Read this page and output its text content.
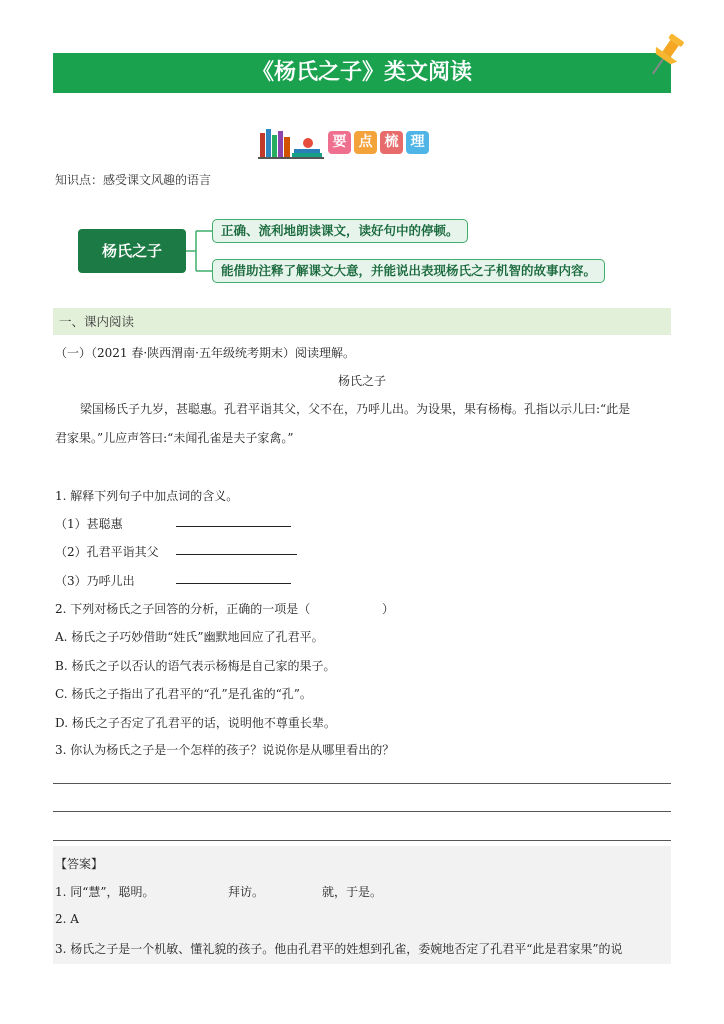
《杨氏之子》类文阅读
要 点 梳 理
知识点：感受课文风趣的语言
杨氏之子
正确、流利地朗读课文，读好句中的停顿。
能借助注释了解课文大意，并能说出表现杨氏之子机智的故事内容。
一、课内阅读
（一）（2021 春·陕西渭南·五年级统考期末）阅读理解。
杨氏之子
梁国杨氏子九岁，甚聪惠。孔君平诣其父，父不在，乃呼儿出。为设果，果有杨梅。孔指以示儿曰:“此是
君家果。”儿应声答曰:“未闻孔雀是夫子家禽。”
1. 解释下列句子中加点词的含义。
（1）甚聪惠
（2）孔君平诣其父
（3）乃呼儿出
2. 下列对杨氏之子回答的分析，正确的一项是（	）
A. 杨氏之子巧妙借助“姓氏”幽默地回应了孔君平。
B. 杨氏之子以否认的语气表示杨梅是自己家的果子。
C. 杨氏之子指出了孔君平的“孔”是孔雀的“孔”。
D. 杨氏之子否定了孔君平的话，说明他不尊重长辈。
3. 你认为杨氏之子是一个怎样的孩子？说说你是从哪里看出的？
【答案】
1. 同“慧”，聪明。	拜访。	就，于是。
2. A
3. 杨氏之子是一个机敏、懂礼貌的孩子。他由孔君平的姓想到孔雀，委婉地否定了孔君平“此是君家果”的说
